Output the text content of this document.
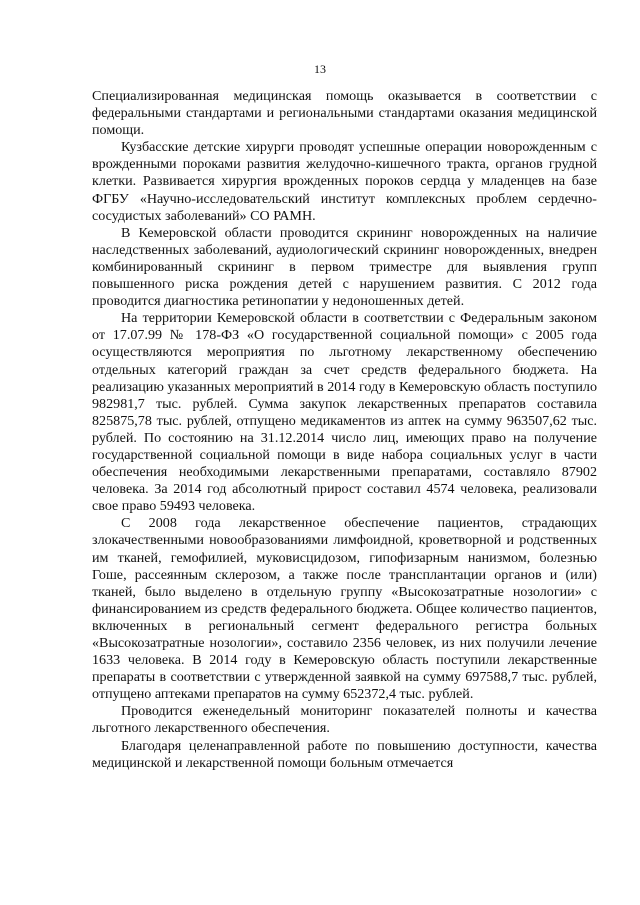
13

Специализированная медицинская помощь оказывается в соответствии с федеральными стандартами и региональными стандартами оказания медицинской помощи.

Кузбасские детские хирурги проводят успешные операции новорожденным с врожденными пороками развития желудочно-кишечного тракта, органов грудной клетки. Развивается хирургия врожденных пороков сердца у младенцев на базе ФГБУ «Научно-исследовательский институт комплексных проблем сердечно-сосудистых заболеваний» СО РАМН.

В Кемеровской области проводится скрининг новорожденных на наличие наследственных заболеваний, аудиологический скрининг новорожденных, внедрен комбинированный скрининг в первом триместре для выявления групп повышенного риска рождения детей с нарушением развития. С 2012 года проводится диагностика ретинопатии у недоношенных детей.

На территории Кемеровской области в соответствии с Федеральным законом от 17.07.99 № 178-ФЗ «О государственной социальной помощи» с 2005 года осуществляются мероприятия по льготному лекарственному обеспечению отдельных категорий граждан за счет средств федерального бюджета. На реализацию указанных мероприятий в 2014 году в Кемеровскую область поступило 982981,7 тыс. рублей. Сумма закупок лекарственных препаратов составила 825875,78 тыс. рублей, отпущено медикаментов из аптек на сумму 963507,62 тыс. рублей. По состоянию на 31.12.2014 число лиц, имеющих право на получение государственной социальной помощи в виде набора социальных услуг в части обеспечения необходимыми лекарственными препаратами, составляло 87902 человека. За 2014 год абсолютный прирост составил 4574 человека, реализовали свое право 59493 человека.

С 2008 года лекарственное обеспечение пациентов, страдающих злокачественными новообразованиями лимфоидной, кроветворной и родственных им тканей, гемофилией, муковисцидозом, гипофизарным нанизмом, болезнью Гоше, рассеянным склерозом, а также после трансплантации органов и (или) тканей, было выделено в отдельную группу «Высокозатратные нозологии» с финансированием из средств федерального бюджета. Общее количество пациентов, включенных в региональный сегмент федерального регистра больных «Высокозатратные нозологии», составило 2356 человек, из них получили лечение 1633 человека. В 2014 году в Кемеровскую область поступили лекарственные препараты в соответствии с утвержденной заявкой на сумму 697588,7 тыс. рублей, отпущено аптеками препаратов на сумму 652372,4 тыс. рублей.

Проводится еженедельный мониторинг показателей полноты и качества льготного лекарственного обеспечения.

Благодаря целенаправленной работе по повышению доступности, качества медицинской и лекарственной помощи больным отмечается
